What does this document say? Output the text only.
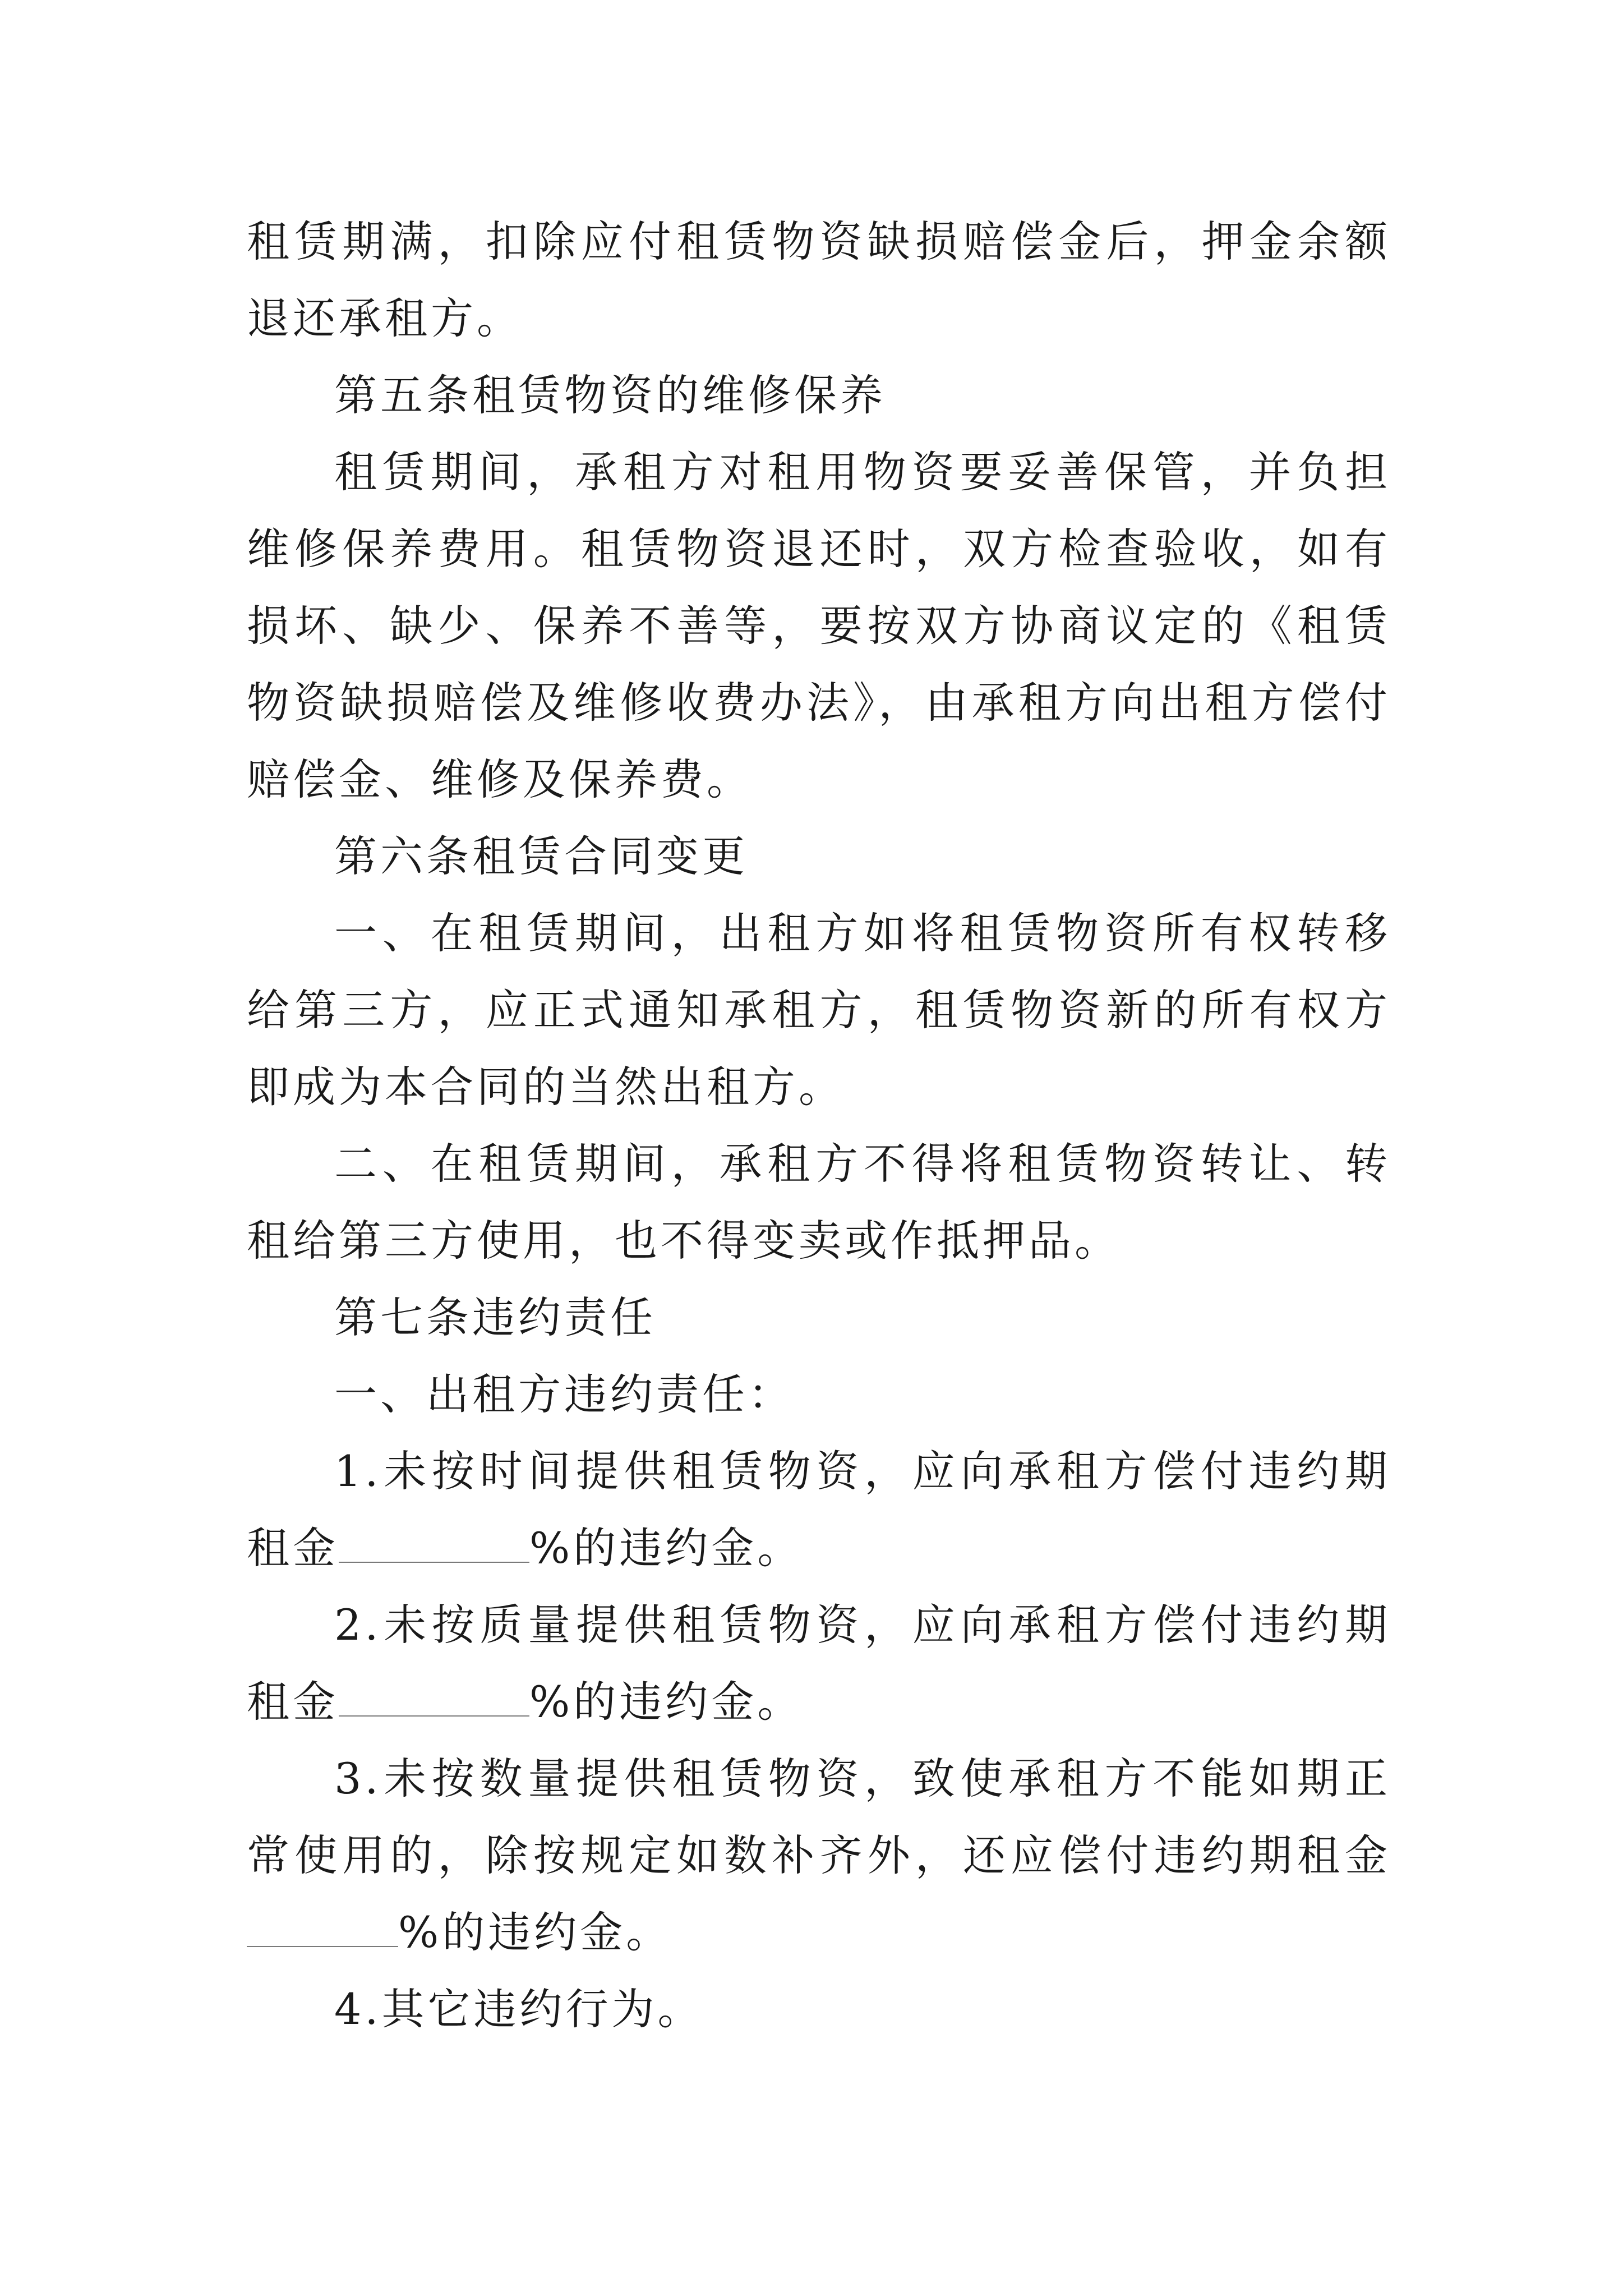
租赁期满，扣除应付租赁物资缺损赔偿金后，押金余额退还承租方。

第五条租赁物资的维修保养

租赁期间，承租方对租用物资要妥善保管，并负担维修保养费用。租赁物资退还时，双方检查验收，如有损坏、缺少、保养不善等，要按双方协商议定的《租赁物资缺损赔偿及维修收费办法》，由承租方向出租方偿付赔偿金、维修及保养费。

第六条租赁合同变更

一、在租赁期间，出租方如将租赁物资所有权转移给第三方，应正式通知承租方，租赁物资新的所有权方即成为本合同的当然出租方。

二、在租赁期间，承租方不得将租赁物资转让、转租给第三方使用，也不得变卖或作抵押品。

第七条违约责任

一、出租方违约责任：

1.未按时间提供租赁物资，应向承租方偿付违约期租金	%的违约金。

2.未按质量提供租赁物资，应向承租方偿付违约期租金	%的违约金。

3.未按数量提供租赁物资，致使承租方不能如期正常使用的，除按规定如数补齐外，还应偿付违约期租金%的违约金。

4.其它违约行为。
